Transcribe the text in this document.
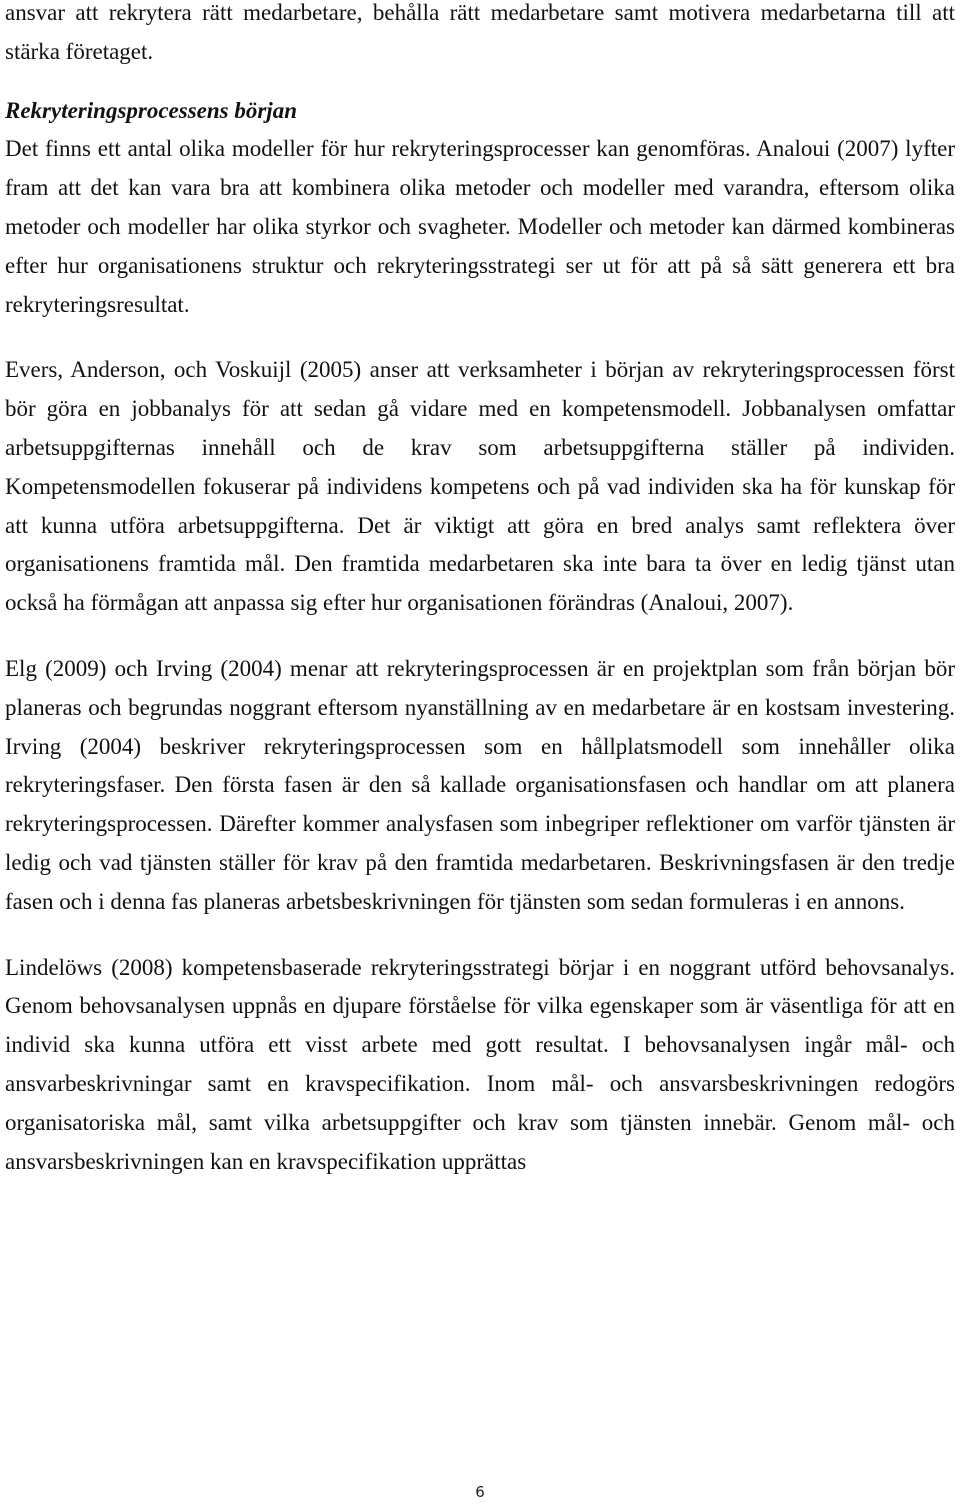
ansvar att rekrytera rätt medarbetare, behålla rätt medarbetare samt motivera medarbetarna till att stärka företaget.

Rekryteringsprocessens början

Det finns ett antal olika modeller för hur rekryteringsprocesser kan genomföras. Analoui (2007) lyfter fram att det kan vara bra att kombinera olika metoder och modeller med varandra, eftersom olika metoder och modeller har olika styrkor och svagheter. Modeller och metoder kan därmed kombineras efter hur organisationens struktur och rekryteringsstrategi ser ut för att på så sätt generera ett bra rekryteringsresultat.

Evers, Anderson, och Voskuijl (2005) anser att verksamheter i början av rekryteringsprocessen först bör göra en jobbanalys för att sedan gå vidare med en kompetensmodell. Jobbanalysen omfattar arbetsuppgifternas innehåll och de krav som arbetsuppgifterna ställer på individen. Kompetensmodellen fokuserar på individens kompetens och på vad individen ska ha för kunskap för att kunna utföra arbetsuppgifterna. Det är viktigt att göra en bred analys samt reflektera över organisationens framtida mål. Den framtida medarbetaren ska inte bara ta över en ledig tjänst utan också ha förmågan att anpassa sig efter hur organisationen förändras (Analoui, 2007).

Elg (2009) och Irving (2004) menar att rekryteringsprocessen är en projektplan som från början bör planeras och begrundas noggrant eftersom nyanställning av en medarbetare är en kostsam investering. Irving (2004) beskriver rekryteringsprocessen som en hållplatsmodell som innehåller olika rekryteringsfaser. Den första fasen är den så kallade organisationsfasen och handlar om att planera rekryteringsprocessen. Därefter kommer analysfasen som inbegriper reflektioner om varför tjänsten är ledig och vad tjänsten ställer för krav på den framtida medarbetaren. Beskrivningsfasen är den tredje fasen och i denna fas planeras arbetsbeskrivningen för tjänsten som sedan formuleras i en annons.

Lindelöws (2008) kompetensbaserade rekryteringsstrategi börjar i en noggrant utförd behovsanalys. Genom behovsanalysen uppnås en djupare förståelse för vilka egenskaper som är väsentliga för att en individ ska kunna utföra ett visst arbete med gott resultat. I behovsanalysen ingår mål- och ansvarbeskrivningar samt en kravspecifikation. Inom mål- och ansvarsbeskrivningen redogörs organisatoriska mål, samt vilka arbetsuppgifter och krav som tjänsten innebär. Genom mål- och ansvarsbeskrivningen kan en kravspecifikation upprättas

6
